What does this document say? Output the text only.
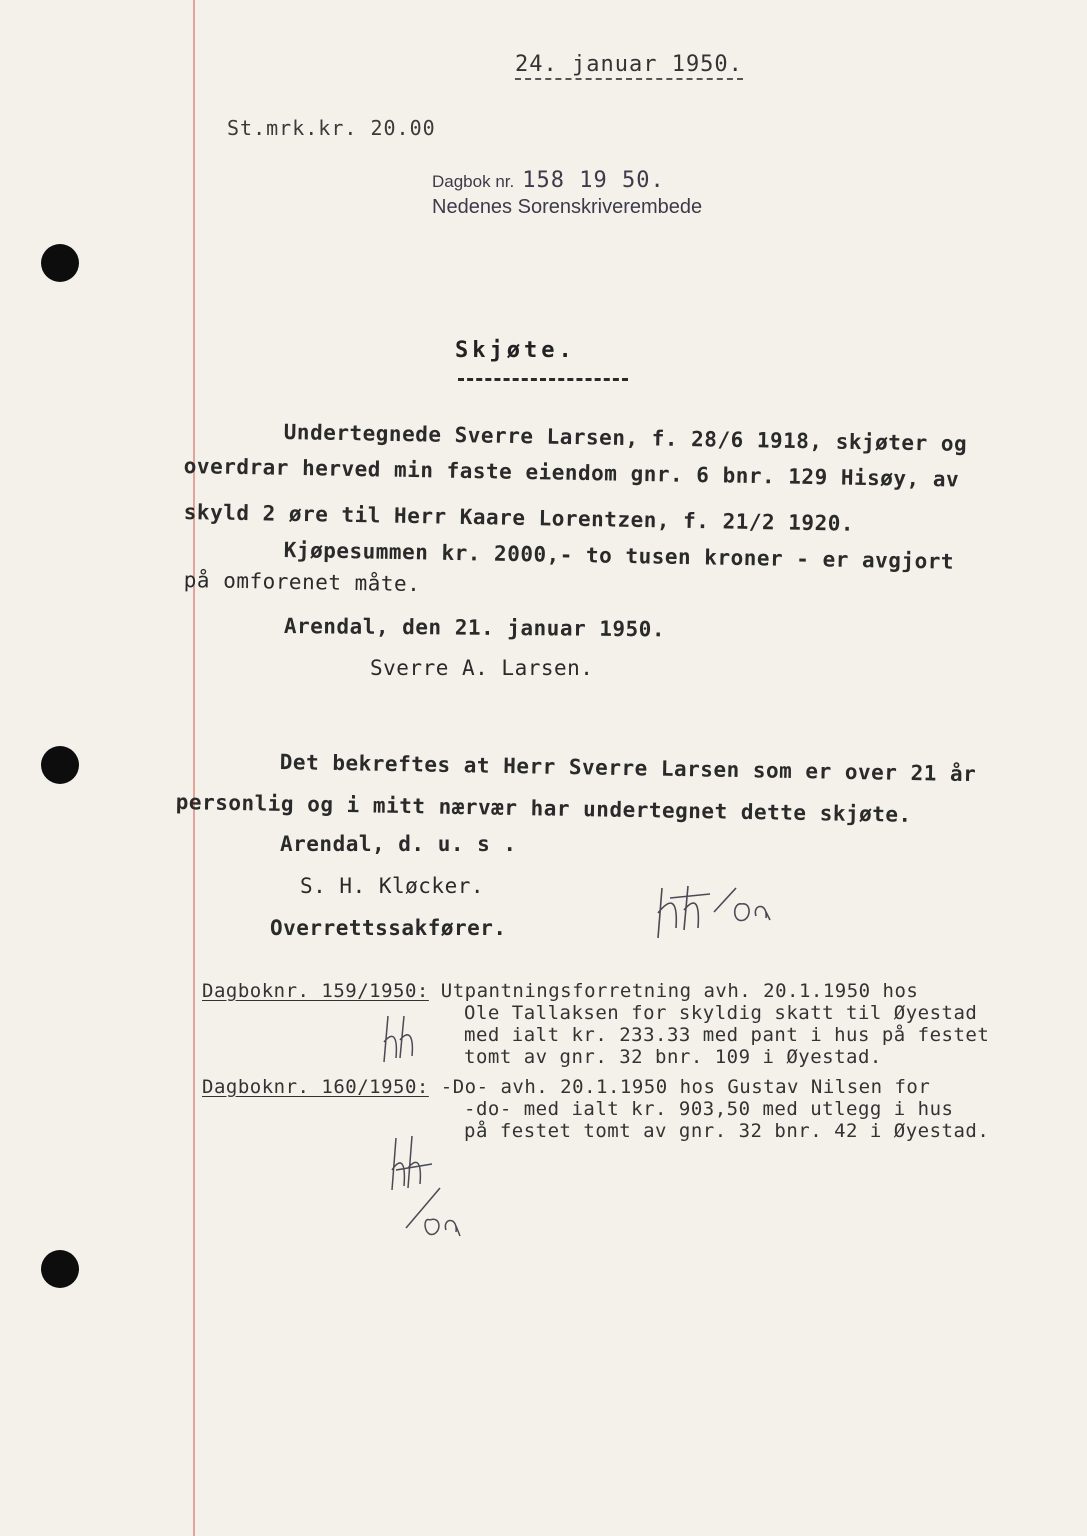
24. januar 1950.
St.mrk.kr. 20.00
Dagbok nr. 158 19 50.
Nedenes Sorenskriverembede
Skjøte.
Undertegnede Sverre Larsen, f. 28/6 1918, skjøter og
overdrar herved min faste eiendom gnr. 6 bnr. 129 Hisøy, av
skyld 2 øre til Herr Kaare Lorentzen, f. 21/2 1920.
Kjøpesummen kr. 2000,- to tusen kroner - er avgjort
på omforenet måte.
Arendal, den 21. januar 1950.
Sverre A. Larsen.
Det bekreftes at Herr Sverre Larsen som er over 21 år
personlig og i mitt nærvær har undertegnet dette skjøte.
Arendal, d. u. s .
S. H. Kløcker.
Overrettssakfører.
Dagboknr. 159/1950: Utpantningsforretning avh. 20.1.1950 hos
Ole Tallaksen for skyldig skatt til Øyestad
med ialt kr. 233.33 med pant i hus på festet
tomt av gnr. 32 bnr. 109 i Øyestad.
Dagboknr. 160/1950: -Do- avh. 20.1.1950 hos Gustav Nilsen for
-do- med ialt kr. 903,50 med utlegg i hus
på festet tomt av gnr. 32 bnr. 42 i Øyestad.
